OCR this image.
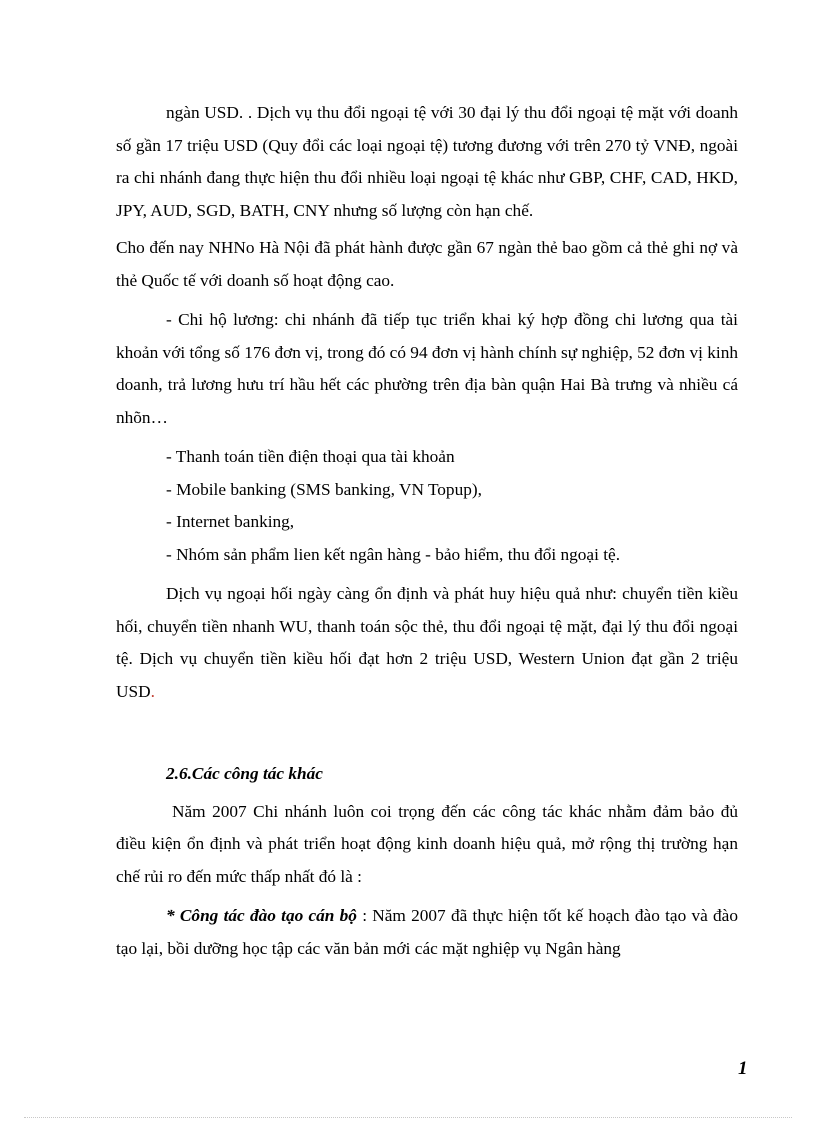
ngàn USD. . Dịch vụ thu đổi ngoại tệ với 30 đại lý thu đổi ngoại tệ mặt với doanh số gần 17 triệu USD (Quy đổi các loại ngoại tệ) tương đương với trên 270 tỷ VNĐ, ngoài ra chi nhánh đang thực hiện thu đổi nhiều loại ngoại tệ khác như GBP, CHF, CAD, HKD, JPY, AUD, SGD, BATH, CNY nhưng số lượng còn hạn chế.

Cho đến nay NHNo Hà Nội đã phát hành được gần 67 ngàn thẻ bao gồm cả thẻ ghi nợ và thẻ Quốc tế với doanh số hoạt động cao.

- Chi hộ lương: chi nhánh đã tiếp tục triển khai ký hợp đồng chi lương qua tài khoản với tổng số 176 đơn vị, trong đó có 94 đơn vị hành chính sự nghiệp, 52 đơn vị kinh doanh, trả lương hưu trí hầu hết các phường trên địa bàn quận Hai Bà trưng và nhiều cá nhõn…

- Thanh toán tiền điện thoại qua tài khoản

- Mobile banking (SMS banking, VN Topup),

- Internet banking,

- Nhóm sản phẩm lien kết ngân hàng - bảo hiểm, thu đổi ngoại tệ.

Dịch vụ ngoại hối ngày càng ổn định và phát huy hiệu quả như: chuyển tiền kiều hối, chuyển tiền nhanh WU, thanh toán sộc thẻ, thu đổi ngoại tệ mặt, đại lý thu đổi ngoại tệ. Dịch vụ chuyển tiền kiều hối đạt hơn 2 triệu USD, Western Union đạt gần 2 triệu USD.

2.6.Các công tác khác

Năm 2007 Chi nhánh luôn coi trọng đến các công tác khác nhằm đảm bảo đủ điều kiện ổn định và phát triển hoạt động kinh doanh hiệu quả, mở rộng thị trường hạn chế rủi ro đến mức thấp nhất đó là :

* Công tác đào tạo cán bộ : Năm 2007 đã thực hiện tốt kế hoạch đào tạo và đào tạo lại, bồi dưỡng học tập các văn bản mới các mặt nghiệp vụ Ngân hàng

1
